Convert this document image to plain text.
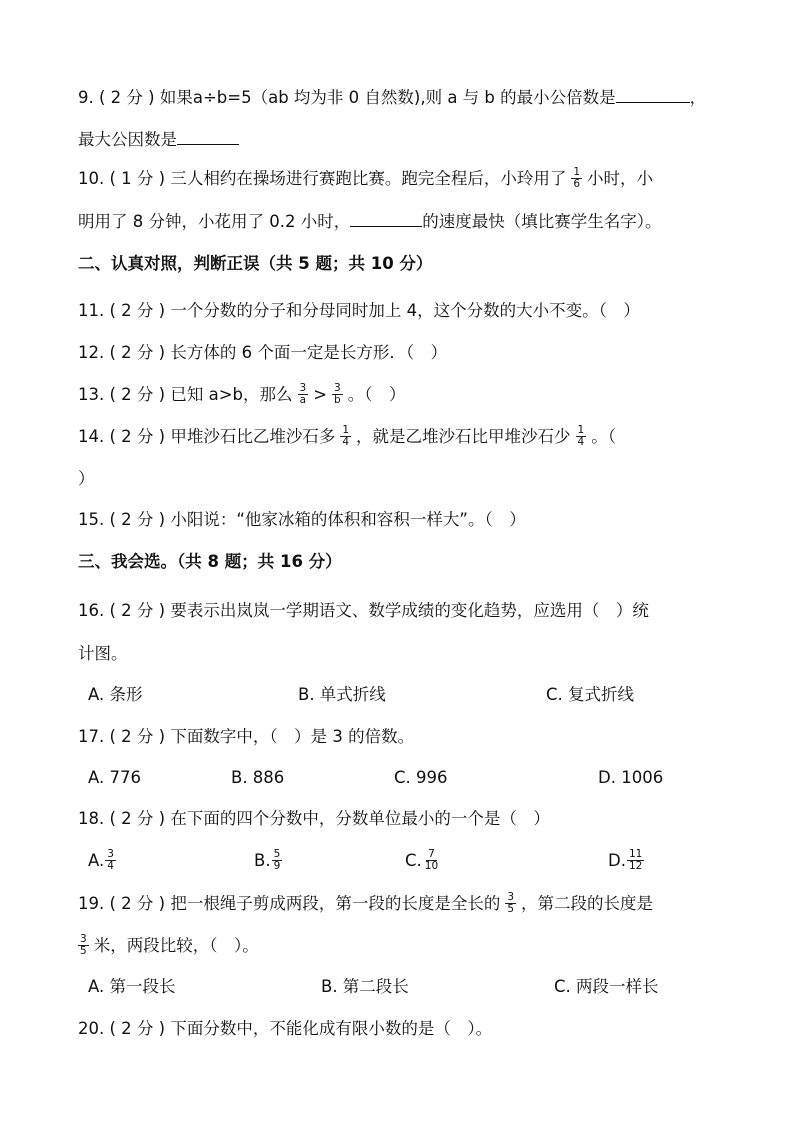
9. ( 2 分 ) 如果a÷b=5（ab 均为非 0 自然数),则 a 与 b 的最小公倍数是	，
最大公因数是
10. ( 1 分 ) 三人相约在操场进行赛跑比赛。跑完全程后，小玲用了 $\frac{1}{6}$ 小时，小
明用了 8 分钟，小花用了 0.2 小时，	的速度最快（填比赛学生名字）。
二、认真对照，判断正误（共 5 题；共 10 分）
11. ( 2 分 ) 一个分数的分子和分母同时加上 4，这个分数的大小不变。（　）
12. ( 2 分 ) 长方体的 6 个面一定是长方形．（　）
13. ( 2 分 ) 已知 a>b，那么 $\frac{3}{a} > \frac{3}{b}$ 。（　）
14. ( 2 分 ) 甲堆沙石比乙堆沙石多 $\frac{1}{4}$ ，就是乙堆沙石比甲堆沙石少 $\frac{1}{4}$ 。（
）
15. ( 2 分 ) 小阳说：“他家冰箱的体积和容积一样大”。（　）
三、我会选。（共 8 题；共 16 分）
16. ( 2 分 ) 要表示出岚岚一学期语文、数学成绩的变化趋势，应选用（　）统
计图。
A. 条形	B. 单式折线	C. 复式折线
17. ( 2 分 ) 下面数字中，（　）是 3 的倍数。
A. 776	B. 886	C. 996	D. 1006
18. ( 2 分 ) 在下面的四个分数中，分数单位最小的一个是（　）
A. $\frac{3}{4}$	B. $\frac{5}{9}$	C. $\frac{7}{10}$	D. $\frac{11}{12}$
19. ( 2 分 ) 把一根绳子剪成两段，第一段的长度是全长的 $\frac{3}{5}$ ，第二段的长度是
$\frac{3}{5}$ 米，两段比较，（　）。
A. 第一段长	B. 第二段长	C. 两段一样长
20. ( 2 分 ) 下面分数中，不能化成有限小数的是（　）。
